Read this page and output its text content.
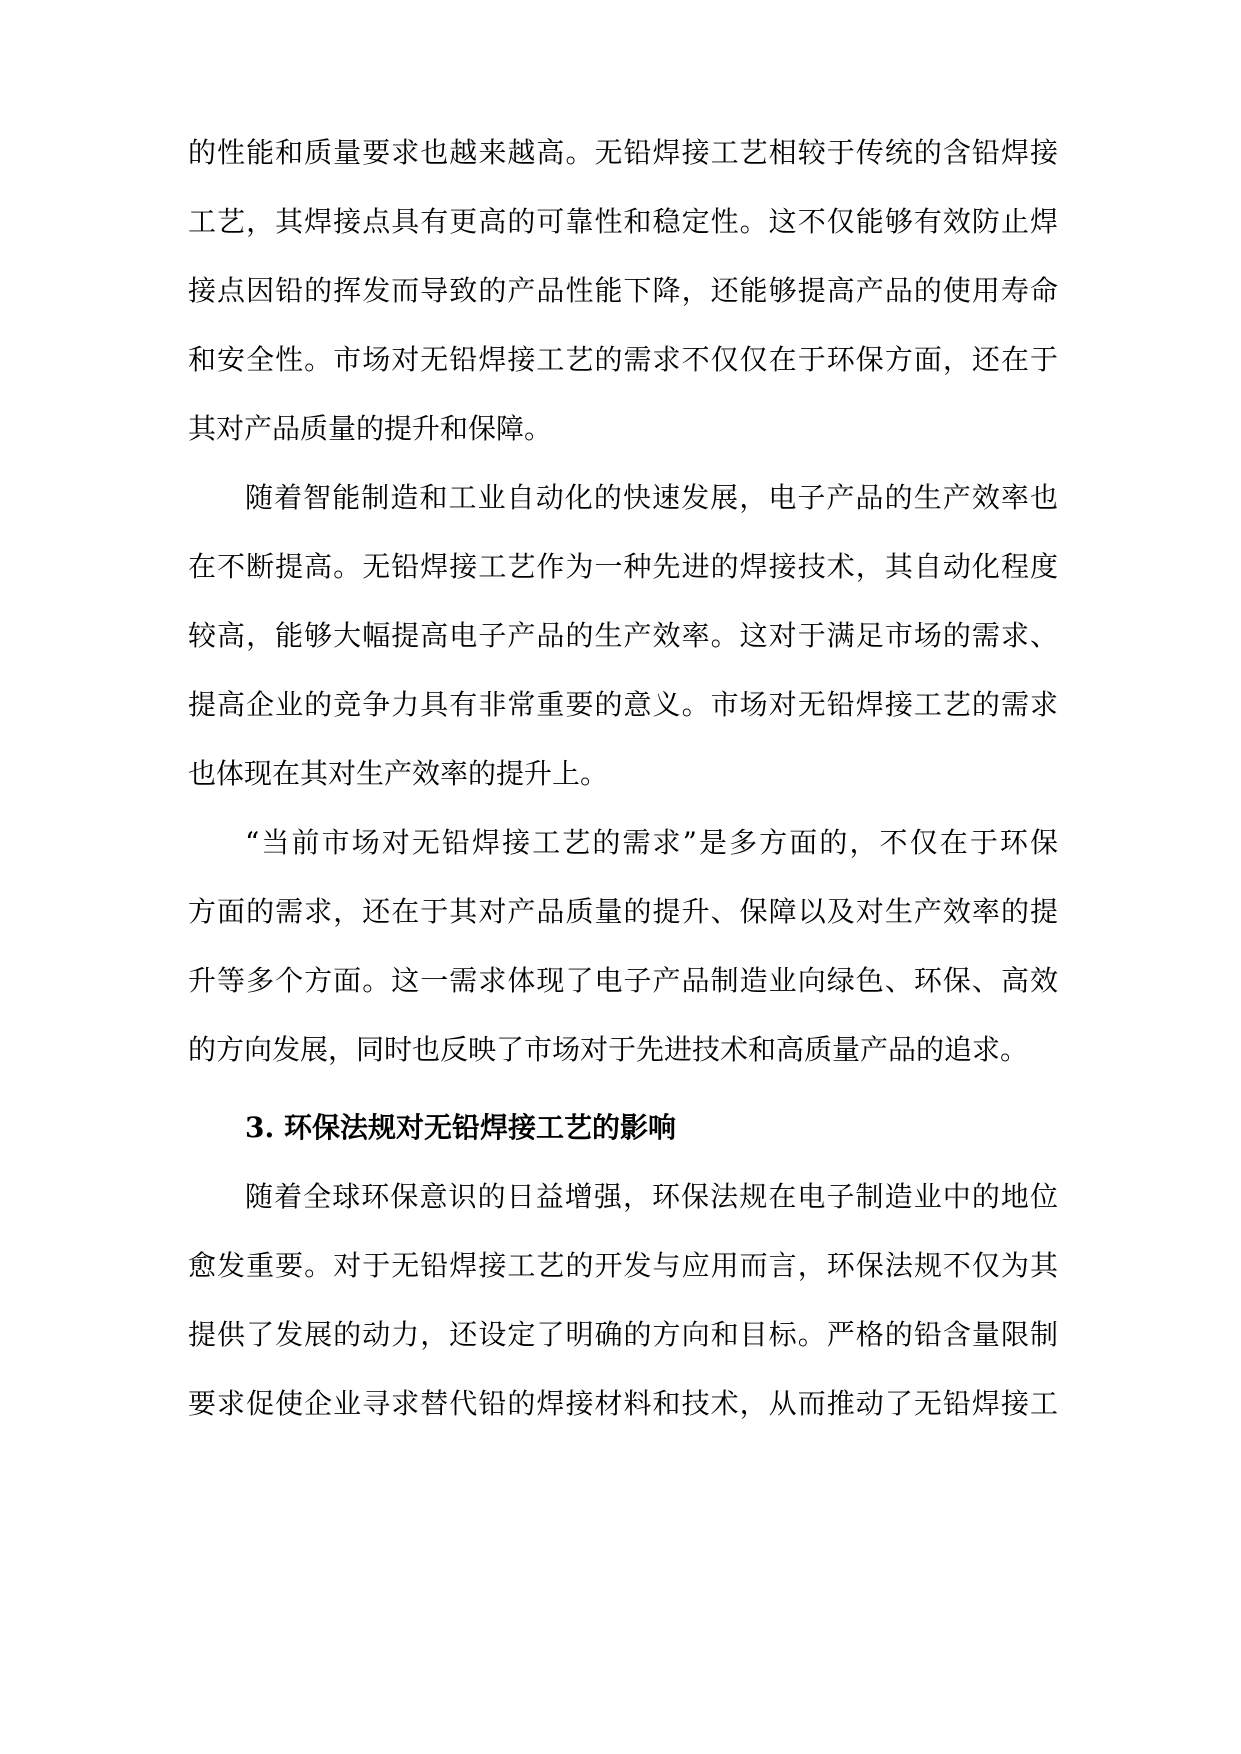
的性能和质量要求也越来越高。无铅焊接工艺相较于传统的含铅焊接
工艺，其焊接点具有更高的可靠性和稳定性。这不仅能够有效防止焊
接点因铅的挥发而导致的产品性能下降，还能够提高产品的使用寿命
和安全性。市场对无铅焊接工艺的需求不仅仅在于环保方面，还在于
其对产品质量的提升和保障。
随着智能制造和工业自动化的快速发展，电子产品的生产效率也
在不断提高。无铅焊接工艺作为一种先进的焊接技术，其自动化程度
较高，能够大幅提高电子产品的生产效率。这对于满足市场的需求、
提高企业的竞争力具有非常重要的意义。市场对无铅焊接工艺的需求
也体现在其对生产效率的提升上。
“当前市场对无铅焊接工艺的需求”是多方面的，不仅在于环保
方面的需求，还在于其对产品质量的提升、保障以及对生产效率的提
升等多个方面。这一需求体现了电子产品制造业向绿色、环保、高效
的方向发展，同时也反映了市场对于先进技术和高质量产品的追求。
3. 环保法规对无铅焊接工艺的影响
随着全球环保意识的日益增强，环保法规在电子制造业中的地位
愈发重要。对于无铅焊接工艺的开发与应用而言，环保法规不仅为其
提供了发展的动力，还设定了明确的方向和目标。严格的铅含量限制
要求促使企业寻求替代铅的焊接材料和技术，从而推动了无铅焊接工
